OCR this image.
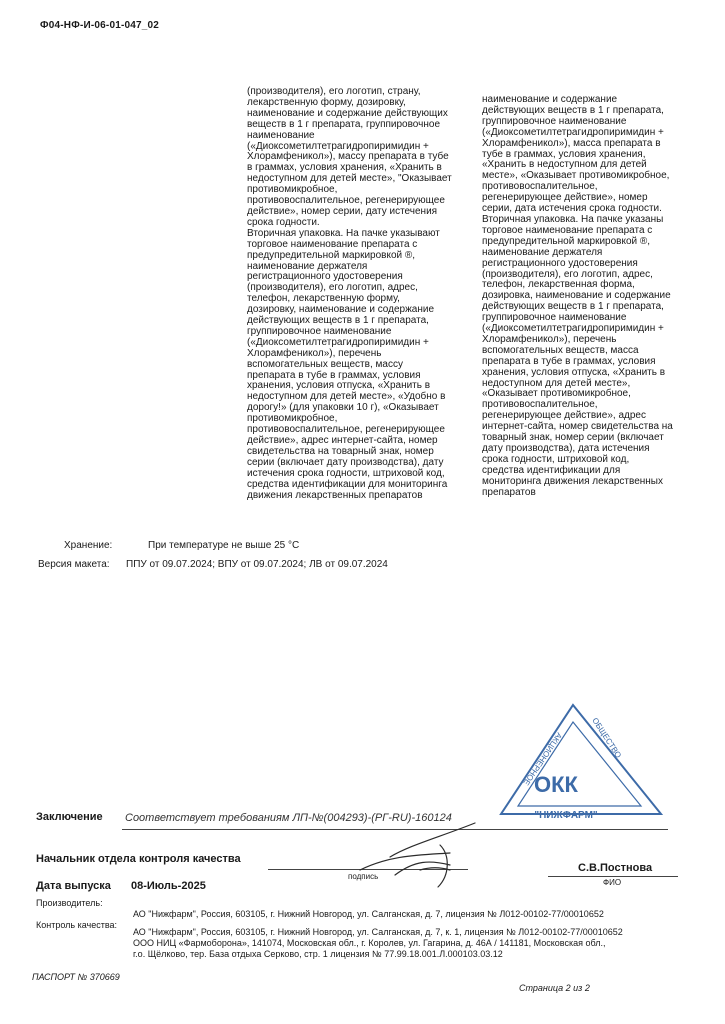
Ф04-НФ-И-06-01-047_02
(производителя), его логотип, страну,
лекарственную форму, дозировку,
наименование и содержание действующих
веществ в 1 г препарата, группировочное
наименование
(«Диоксометилтетрагидропиримидин +
Хлорамфеникол»), массу препарата в тубе
в граммах, условия хранения, «Хранить в
недоступном для детей месте», "Оказывает
противомикробное,
противовоспалительное, регенерирующее
действие», номер серии, дату истечения
срока годности.
Вторичная упаковка. На пачке указывают
торговое наименование препарата с
предупредительной маркировкой ®,
наименование держателя
регистрационного удостоверения
(производителя), его логотип, адрес,
телефон, лекарственную форму,
дозировку, наименование и содержание
действующих веществ в 1 г препарата,
группировочное наименование
(«Диоксометилтетрагидропиримидин +
Хлорамфеникол»), перечень
вспомогательных веществ, массу
препарата в тубе в граммах, условия
хранения, условия отпуска, «Хранить в
недоступном для детей месте», «Удобно в
дорогу!» (для упаковки 10 г), «Оказывает
противомикробное,
противовоспалительное, регенерирующее
действие», адрес интернет-сайта, номер
свидетельства на товарный знак, номер
серии (включает дату производства), дату
истечения срока годности, штриховой код,
средства идентификации для мониторинга
движения лекарственных препаратов
наименование и содержание
действующих веществ в 1 г препарата,
группировочное наименование
(«Диоксометилтетрагидропиримидин +
Хлорамфеникол»), масса препарата в
тубе в граммах, условия хранения,
«Хранить в недоступном для детей
месте», «Оказывает противомикробное,
противовоспалительное,
регенерирующее действие», номер
серии, дата истечения срока годности.
Вторичная упаковка. На пачке указаны
торговое наименование препарата с
предупредительной маркировкой ®,
наименование держателя
регистрационного удостоверения
(производителя), его логотип, адрес,
телефон, лекарственная форма,
дозировка, наименование и содержание
действующих веществ в 1 г препарата,
группировочное наименование
(«Диоксометилтетрагидропиримидин +
Хлорамфеникол»), перечень
вспомогательных веществ, масса
препарата в тубе в граммах, условия
хранения, условия отпуска, «Хранить в
недоступном для детей месте»,
«Оказывает противомикробное,
противовоспалительное,
регенерирующее действие», адрес
интернет-сайта, номер свидетельства на
товарный знак, номер серии (включает
дату производства), дата истечения
срока годности, штриховой код,
средства идентификации для
мониторинга движения лекарственных
препаратов
Хранение:	При температуре не выше 25 °C
Версия макета: ППУ от 09.07.2024; ВПУ от 09.07.2024; ЛВ от 09.07.2024
АКЦИОНЕРНОЕ ОКК
"НИЖФАРМ"
ОБЩЕСТВО
Заключение Соответствует требованиям ЛП-№(004293)-(РГ-RU)-160124
Начальник отдела контроля качества
подпись
С.В.Постнова
ФИО
Дата выпуска 08-Июль-2025
Производитель:
АО "Нижфарм", Россия, 603105, г. Нижний Новгород, ул. Салганская, д. 7, лицензия № Л012-00102-77/00010652
Контроль качества:
АО "Нижфарм", Россия, 603105, г. Нижний Новгород, ул. Салганская, д. 7, к. 1, лицензия № Л012-00102-77/00010652
ООО НИЦ «Фармоборона», 141074, Московская обл., г. Королев, ул. Гагарина, д. 46А / 141181, Московская обл.,
г.о. Щёлково, тер. База отдыха Серково, стр. 1 лицензия № 77.99.18.001.Л.000103.03.12
ПАСПОРТ № 370669
Страница 2 из 2
